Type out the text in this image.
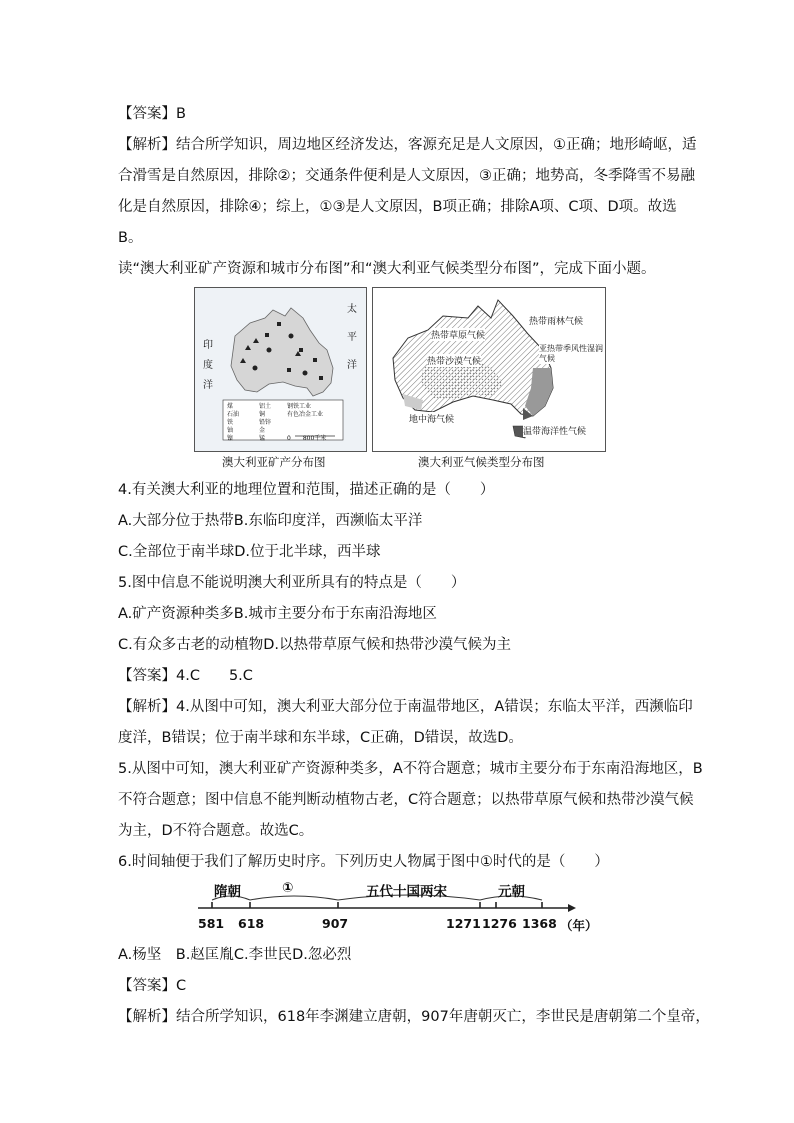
【答案】B
【解析】结合所学知识，周边地区经济发达，客源充足是人文原因，①正确；地形崎岖，适
合滑雪是自然原因，排除②；交通条件便利是人文原因，③正确；地势高，冬季降雪不易融
化是自然原因，排除④；综上，①③是人文原因，B项正确；排除A项、C项、D项。故选
B。
读“澳大利亚矿产资源和城市分布图”和“澳大利亚气候类型分布图”，完成下面小题。
4.有关澳大利亚的地理位置和范围，描述正确的是（　　）
A.大部分位于热带B.东临印度洋，西濒临太平洋
C.全部位于南半球D.位于北半球，西半球
5.图中信息不能说明澳大利亚所具有的特点是（　　）
A.矿产资源种类多B.城市主要分布于东南沿海地区
C.有众多古老的动植物D.以热带草原气候和热带沙漠气候为主
【答案】4.C　　5.C
【解析】4.从图中可知，澳大利亚大部分位于南温带地区，A错误；东临太平洋，西濒临印
度洋，B错误；位于南半球和东半球，C正确，D错误，故选D。
5.从图中可知，澳大利亚矿产资源种类多，A不符合题意；城市主要分布于东南沿海地区，B
不符合题意；图中信息不能判断动植物古老，C符合题意；以热带草原气候和热带沙漠气候
为主，D不符合题意。故选C。
6.时间轴便于我们了解历史时序。下列历史人物属于图中①时代的是（　　）
A.杨坚　B.赵匡胤C.李世民D.忽必烈
【答案】C
【解析】结合所学知识，618年李渊建立唐朝，907年唐朝灭亡，李世民是唐朝第二个皇帝，
印
度
洋
太
平
洋
煤	铝土	钢铁工业
石油	铜	有色冶金工业
铁	铅锌
铀	金
镍	锰	0　　800千米
澳大利亚矿产分布图
热带草原气候
热带雨林气候
热带沙漠气候
亚热带季风性湿润气候
地中海气候
温带海洋性气候
澳大利亚气候类型分布图
隋朝	①	五代十国两宋	元朝
581 618	907	1271 1276 1368 （年）
